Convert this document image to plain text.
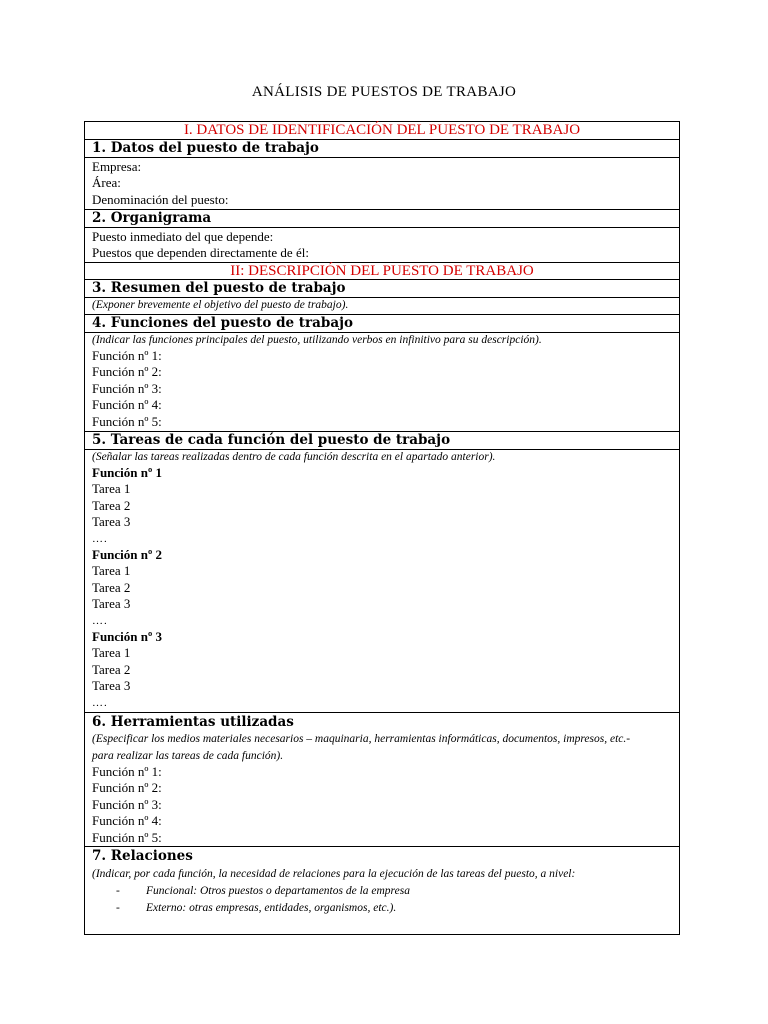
ANÁLISIS DE PUESTOS DE TRABAJO
I. DATOS DE IDENTIFICACIÓN DEL PUESTO DE TRABAJO
1. Datos del puesto de trabajo

Empresa:
Área:
Denominación del puesto:

2. Organigrama

Puesto inmediato del que depende:
Puestos que dependen directamente de él:

II: DESCRIPCIÓN DEL PUESTO DE TRABAJO
3. Resumen del puesto de trabajo

(Exponer brevemente el objetivo del puesto de trabajo).

4. Funciones del puesto de trabajo

(Indicar las funciones principales del puesto, utilizando verbos en infinitivo para su descripción).
Función nº 1:
Función nº 2:
Función nº 3:
Función nº 4:
Función nº 5:

5. Tareas de cada función del puesto de trabajo

(Señalar las tareas realizadas dentro de cada función descrita en el apartado anterior).
Función nº 1
Tarea 1
Tarea 2
Tarea 3
….
Función nº 2
Tarea 1
Tarea 2
Tarea 3
….
Función nº 3
Tarea 1
Tarea 2
Tarea 3
….

6. Herramientas utilizadas
(Especificar los medios materiales necesarios – maquinaria, herramientas informáticas, documentos, impresos, etc.-
para realizar las tareas de cada función).
Función nº 1:
Función nº 2:
Función nº 3:
Función nº 4:
Función nº 5:

7. Relaciones
(Indicar, por cada función, la necesidad de relaciones para la ejecución de las tareas del puesto, a nivel:
- Funcional: Otros puestos o departamentos de la empresa
- Externo: otras empresas, entidades, organismos, etc.).
